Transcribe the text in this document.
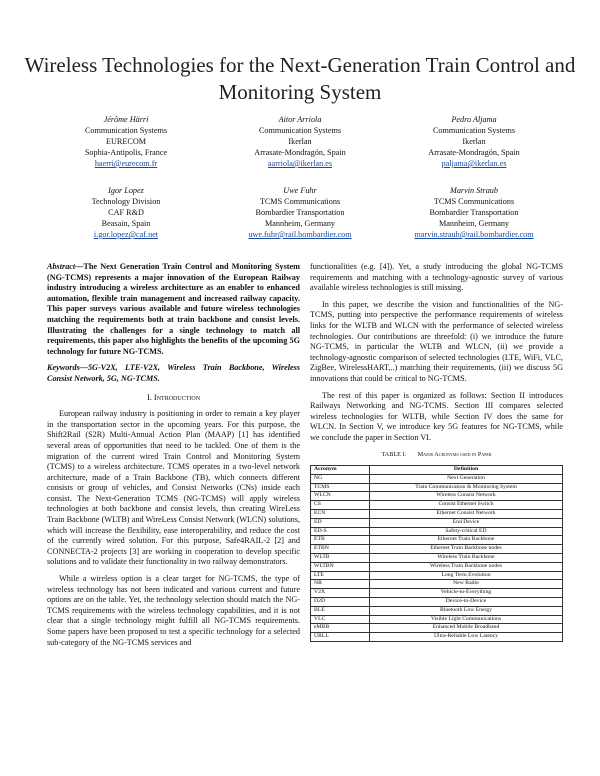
Wireless Technologies for the Next-Generation Train Control and Monitoring System
Jérôme Härri
Communication Systems
EURECOM
Sophia-Antipolis, France
haerri@eurecom.fr
Aitor Arriola
Communication Systems
Ikerlan
Arrasate-Mondragón, Spain
aarriola@ikerlan.es
Pedro Aljama
Communication Systems
Ikerlan
Arrasate-Mondragón, Spain
paljama@ikerlan.es
Igor Lopez
Technology Division
CAF R&D
Beasain, Spain
i.gor.lopez@caf.net
Uwe Fuhr
TCMS Communications
Bombardier Transportation
Mannheim, Germany
uwe.fuhr@rail.bombardier.com
Marvin Straub
TCMS Communications
Bombardier Transportation
Mannheim, Germany
marvin.straub@rail.bombardier.com

Abstract—The Next Generation Train Control and Monitoring System (NG-TCMS) represents a major innovation of the European Railway industry introducing a wireless architecture as an enabler to enhanced automation, flexible train management and increased railway capacity. This paper surveys various available and future wireless technologies matching the requirements both at train backbone and consist levels. Illustrating the challenges for a single technology to match all requirements, this paper also highlights the benefits of the upcoming 5G technology for future NG-TCMS.

Keywords—5G-V2X, LTE-V2X, Wireless Train Backbone, Wireless Consist Network, 5G, NG-TCMS.

I. Introduction

European railway industry is positioning in order to remain a key player in the transportation sector in the upcoming years. For this purpose, the Shift2Rail (S2R) Multi-Annual Action Plan (MAAP) [1] has identified several areas of opportunities that need to be tackled. One of them is the migration of the current wired Train Control and Monitoring System (TCMS) to a wireless architecture. TCMS operates in a two-level network architecture, made of a Train Backbone (TB), which connects different consists or group of vehicles, and Consist Networks (CNs) inside each consist. The Next-Generation TCMS (NG-TCMS) will apply wireless technologies at both backbone and consist levels, thus creating WireLess Train Backbone (WLTB) and WireLess Consist Network (WLCN) solutions, which will increase the flexibility, ease interoperability, and reduce the cost of the currently wired solution. For this purpose, Safe4RAIL-2 [2] and CONNECTA-2 projects [3] are working in cooperation to develop specific solutions and to validate their functionality in two railway demonstrators.

While a wireless option is a clear target for NG-TCMS, the type of wireless technology has not been indicated and various current and future options are on the table. Yet, the technology selection should match the NG-TCMS requirements with the wireless technology capabilities, and it is not clear that a single technology might fulfill all NG-TCMS requirements. Some papers have been proposed to test a specific technology for a selected sub-category of the NG-TCMS services and

functionalities (e.g. [4]). Yet, a study introducing the global NG-TCMS requirements and matching with a technology-agnostic survey of various available wireless technologies is still missing.

In this paper, we describe the vision and functionalities of the NG-TCMS, putting into perspective the performance requirements of wireless links for the WLTB and WLCN with the performance of selected wireless technologies. Our contributions are threefold: (i) we introduce the future NG-TCMS, in particular the WLTB and WLCN, (ii) we provide a technology-agnostic comparison of selected technologies (LTE, WiFi, VLC, ZigBee, WirelessHART,..) matching their requirements, (iii) we discuss 5G innovations that could be critical to NG-TCMS.

The rest of this paper is organized as follows: Section II introduces Railways Networking and NG-TCMS. Section III compares selected wireless technologies for WLTB, while Section IV does the same for WLCN. In Section V, we introduce key 5G features for NG-TCMS, while we conclude the paper in Section VI.

TABLE I. Major Acronyms used in Paper
Acronym	Definition
NG	Next Generation
TCMS	Train Communication & Monitoring System
WLCN	Wireless Consist Network
CS	Consist Ethernet Switch
ECN	Ethernet Consist Network
ED	End Device
ED-S	Safety-critical ED
ETB	Ethernet Train Backbone
ETBN	Ethernet Train Backbone nodes
WLTB	Wireless Train Backbone
WLTBN	Wireless Train Backbone nodes
LTE	Long Term Evolution
NR	New Radio
V2X	Vehicle-to-Everything
D2D	Device-to-Device
BLE	Bluetooth Low Energy
VLC	Visible Light Communications
eMBB	Enhanced Mobile Broadband
URLL	Ultra-Reliable Low Latency
